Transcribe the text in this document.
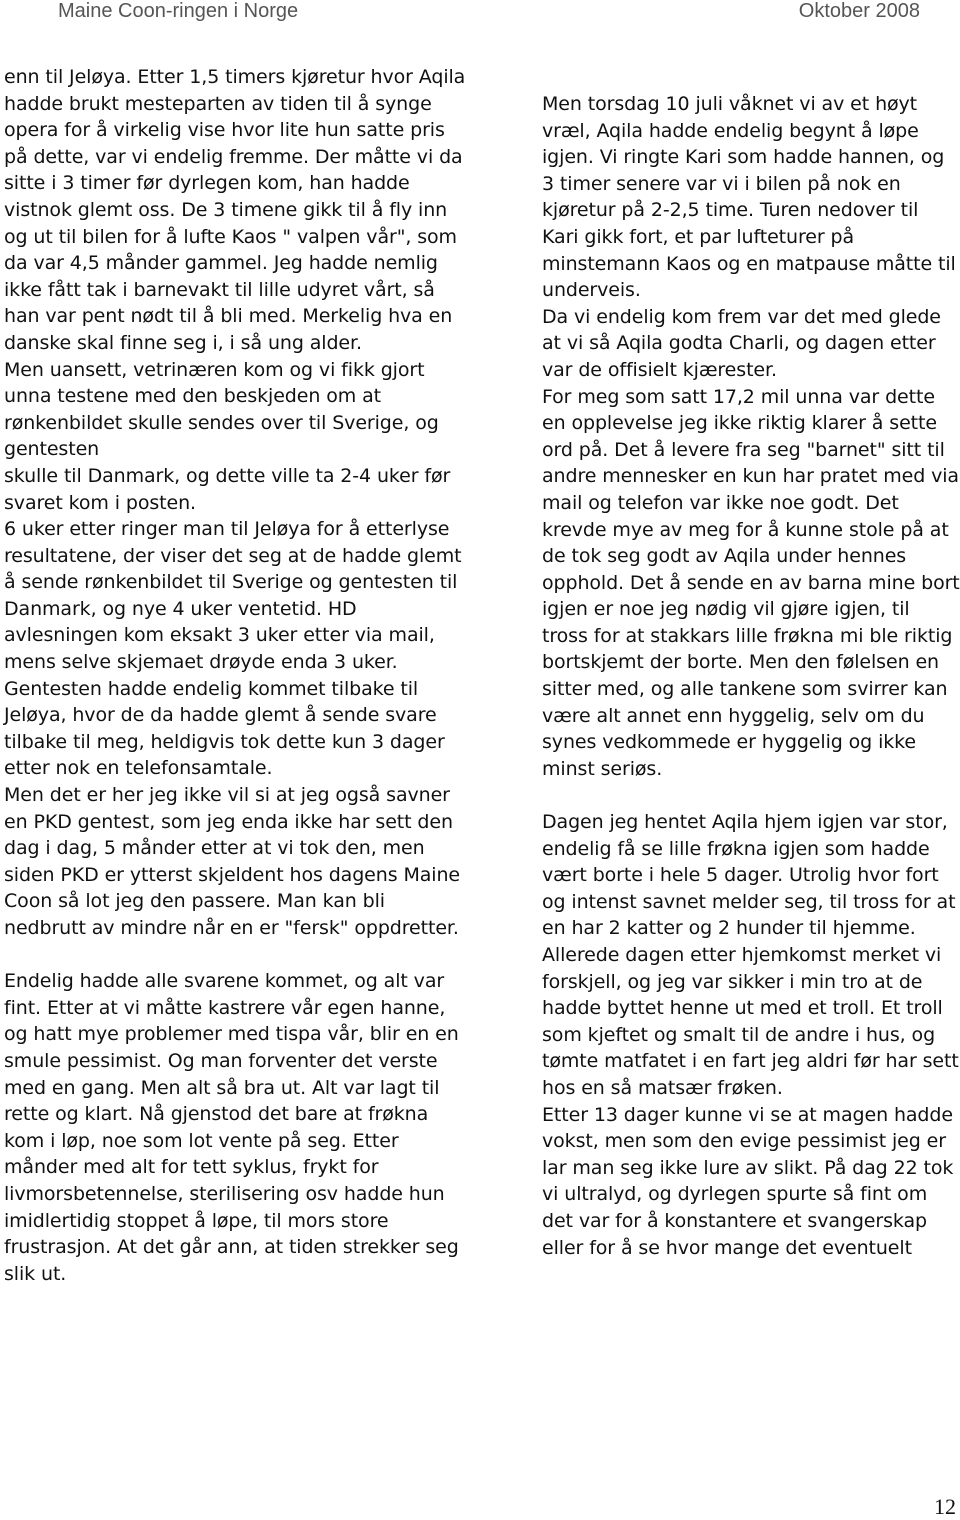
Maine Coon-ringen i Norge	Oktober 2008

enn til Jeløya. Etter 1,5 timers kjøretur hvor Aqila hadde brukt mesteparten av tiden til å synge opera for å virkelig vise hvor lite hun satte pris på dette, var vi endelig fremme. Der måtte vi da sitte i 3 timer før dyrlegen kom, han hadde vistnok glemt oss. De 3 timene gikk til å fly inn og ut til bilen for å lufte Kaos " valpen vår", som da var 4,5 månder gammel. Jeg hadde nemlig ikke fått tak i barnevakt til lille udyret vårt, så han var pent nødt til å bli med. Merkelig hva en danske skal finne seg i, i så ung alder.

Men uansett, vetrinæren kom og vi fikk gjort unna testene med den beskjeden om at rønkenbildet skulle sendes over til Sverige, og gentesten

skulle til Danmark, og dette ville ta 2-4 uker før svaret kom i posten.

6 uker etter ringer man til Jeløya for å etterlyse resultatene, der viser det seg at de hadde glemt å sende rønkenbildet til Sverige og gentesten til Danmark, og nye 4 uker ventetid. HD avlesningen kom eksakt 3 uker etter via mail, mens selve skjemaet drøyde enda 3 uker. Gentesten hadde endelig kommet tilbake til Jeløya, hvor de da hadde glemt å sende svare tilbake til meg, heldigvis tok dette kun 3 dager etter nok en telefonsamtale.

Men det er her jeg ikke vil si at jeg også savner en PKD gentest, som jeg enda ikke har sett den dag i dag, 5 månder etter at vi tok den, men siden PKD er ytterst skjeldent hos dagens Maine Coon så lot jeg den passere. Man kan bli nedbrutt av mindre når en er "fersk" oppdretter.

Endelig hadde alle svarene kommet, og alt var fint. Etter at vi måtte kastrere vår egen hanne, og hatt mye problemer med tispa vår, blir en en smule pessimist. Og man forventer det verste med en gang. Men alt så bra ut. Alt var lagt til rette og klart. Nå gjenstod det bare at frøkna kom i løp, noe som lot vente på seg. Etter månder med alt for tett syklus, frykt for livmorsbetennelse, sterilisering osv hadde hun imidlertidig stoppet å løpe, til mors store frustrasjon. At det går ann, at tiden strekker seg slik ut.

Men torsdag 10 juli våknet vi av et høyt vræl, Aqila hadde endelig begynt å løpe igjen. Vi ringte Kari som hadde hannen, og 3 timer senere var vi i bilen på nok en kjøretur på 2-2,5 time. Turen nedover til Kari gikk fort, et par lufteturer på minstemann Kaos og en matpause måtte til underveis.

Da vi endelig kom frem var det med glede at vi så Aqila godta Charli, og dagen etter var de offisielt kjærester.

For meg som satt 17,2 mil unna var dette en opplevelse jeg ikke riktig klarer å sette ord på. Det å levere fra seg "barnet" sitt til andre mennesker en kun har pratet med via mail og telefon var ikke noe godt. Det krevde mye av meg for å kunne stole på at de tok seg godt av Aqila under hennes opphold. Det å sende en av barna mine bort igjen er noe jeg nødig vil gjøre igjen, til tross for at stakkars lille frøkna mi ble riktig bortskjemt der borte. Men den følelsen en sitter med, og alle tankene som svirrer kan være alt annet enn hyggelig, selv om du synes vedkommede er hyggelig og ikke minst seriøs.

Dagen jeg hentet Aqila hjem igjen var stor, endelig få se lille frøkna igjen som hadde vært borte i hele 5 dager. Utrolig hvor fort og intenst savnet melder seg, til tross for at en har 2 katter og 2 hunder til hjemme. Allerede dagen etter hjemkomst merket vi forskjell, og jeg var sikker i min tro at de hadde byttet henne ut med et troll. Et troll som kjeftet og smalt til de andre i hus, og tømte matfatet i en fart jeg aldri før har sett hos en så matsær frøken.

Etter 13 dager kunne vi se at magen hadde vokst, men som den evige pessimist jeg er lar man seg ikke lure av slikt. På dag 22 tok vi ultralyd, og dyrlegen spurte så fint om det var for å konstantere et svangerskap eller for å se hvor mange det eventuelt

12
